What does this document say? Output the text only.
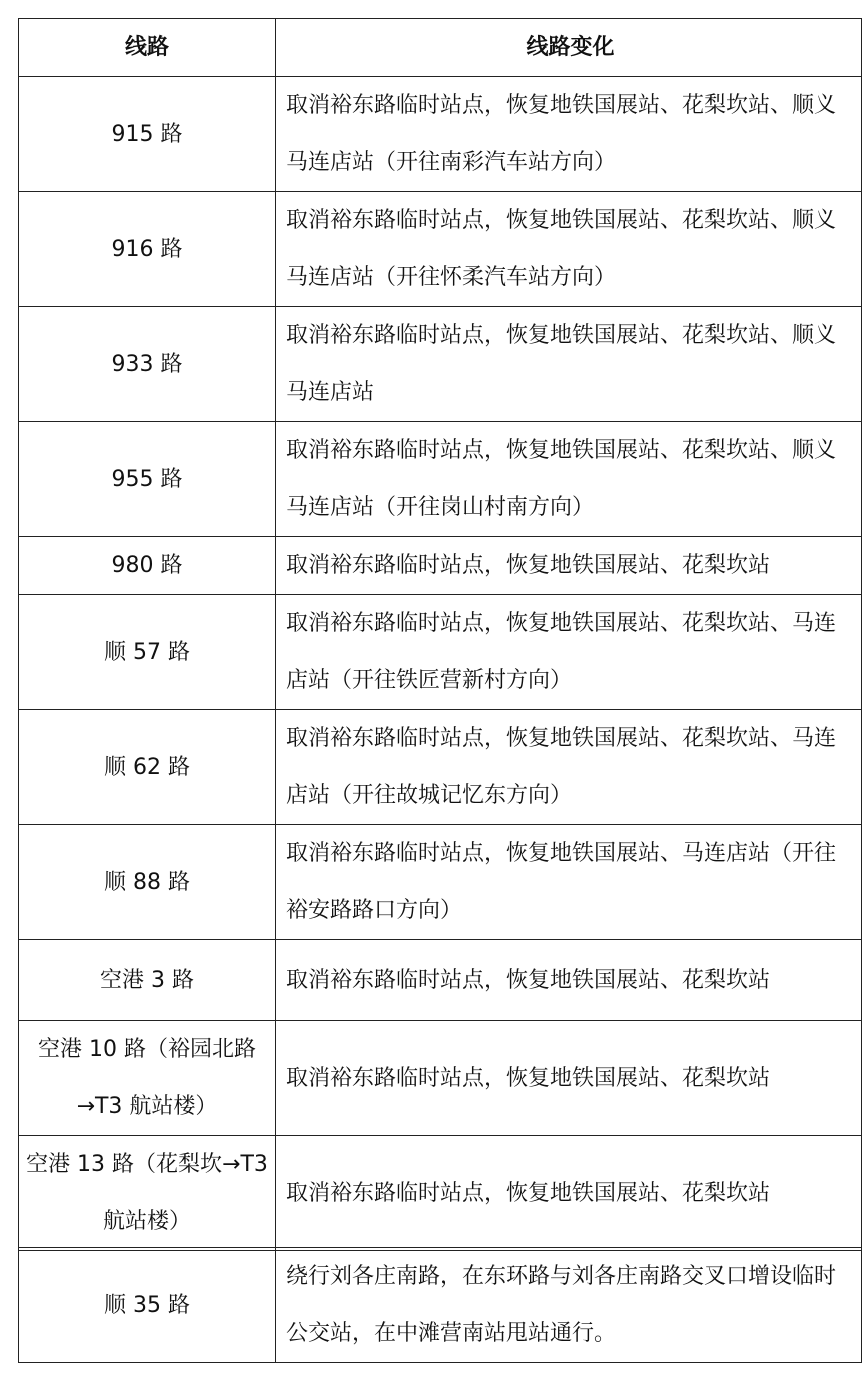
线路	线路变化
915 路	取消裕东路临时站点，恢复地铁国展站、花梨坎站、顺义马连店站（开往南彩汽车站方向）
916 路	取消裕东路临时站点，恢复地铁国展站、花梨坎站、顺义马连店站（开往怀柔汽车站方向）
933 路	取消裕东路临时站点，恢复地铁国展站、花梨坎站、顺义马连店站
955 路	取消裕东路临时站点，恢复地铁国展站、花梨坎站、顺义马连店站（开往岗山村南方向）
980 路	取消裕东路临时站点，恢复地铁国展站、花梨坎站
顺 57 路	取消裕东路临时站点，恢复地铁国展站、花梨坎站、马连店站（开往铁匠营新村方向）
顺 62 路	取消裕东路临时站点，恢复地铁国展站、花梨坎站、马连店站（开往故城记忆东方向）
顺 88 路	取消裕东路临时站点，恢复地铁国展站、马连店站（开往裕安路路口方向）
空港 3 路	取消裕东路临时站点，恢复地铁国展站、花梨坎站
空港 10 路（裕园北路→T3 航站楼）	取消裕东路临时站点，恢复地铁国展站、花梨坎站
空港 13 路（花梨坎→T3 航站楼）	取消裕东路临时站点，恢复地铁国展站、花梨坎站
顺 35 路	绕行刘各庄南路，在东环路与刘各庄南路交叉口增设临时公交站，在中滩营南站甩站通行。
